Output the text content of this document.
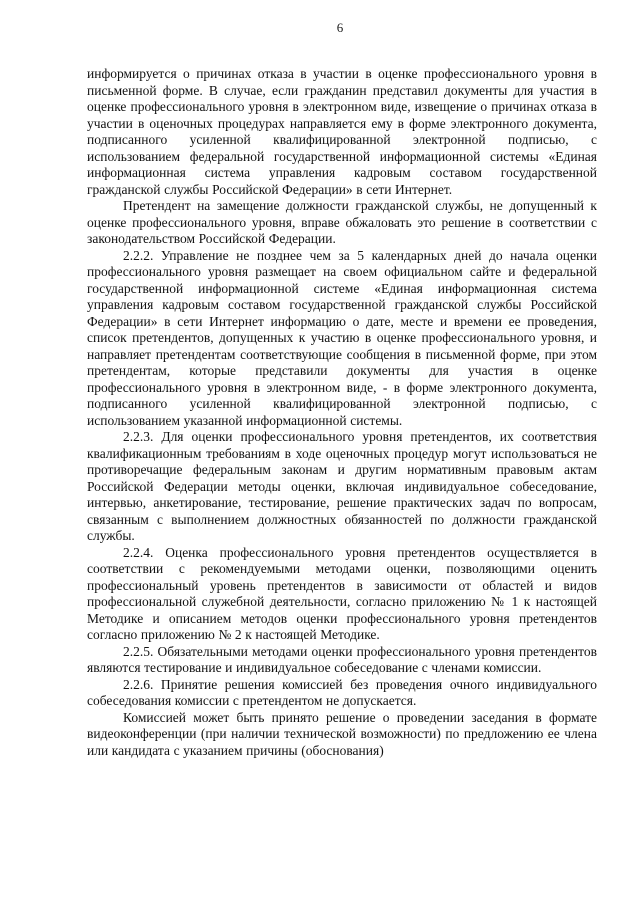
6

информируется о причинах отказа в участии в оценке профессионального уровня в письменной форме. В случае, если гражданин представил документы для участия в оценке профессионального уровня в электронном виде, извещение о причинах отказа в участии в оценочных процедурах направляется ему в форме электронного документа, подписанного усиленной квалифицированной электронной подписью, с использованием федеральной государственной информационной системы «Единая информационная система управления кадровым составом государственной гражданской службы Российской Федерации» в сети Интернет.

Претендент на замещение должности гражданской службы, не допущенный к оценке профессионального уровня, вправе обжаловать это решение в соответствии с законодательством Российской Федерации.

2.2.2. Управление не позднее чем за 5 календарных дней до начала оценки профессионального уровня размещает на своем официальном сайте и федеральной государственной информационной системе «Единая информационная система управления кадровым составом государственной гражданской службы Российской Федерации» в сети Интернет информацию о дате, месте и времени ее проведения, список претендентов, допущенных к участию в оценке профессионального уровня, и направляет претендентам соответствующие сообщения в письменной форме, при этом претендентам, которые представили документы для участия в оценке профессионального уровня в электронном виде, - в форме электронного документа, подписанного усиленной квалифицированной электронной подписью, с использованием указанной информационной системы.

2.2.3. Для оценки профессионального уровня претендентов, их соответствия квалификационным требованиям в ходе оценочных процедур могут использоваться не противоречащие федеральным законам и другим нормативным правовым актам Российской Федерации методы оценки, включая индивидуальное собеседование, интервью, анкетирование, тестирование, решение практических задач по вопросам, связанным с выполнением должностных обязанностей по должности гражданской службы.

2.2.4. Оценка профессионального уровня претендентов осуществляется в соответствии с рекомендуемыми методами оценки, позволяющими оценить профессиональный уровень претендентов в зависимости от областей и видов профессиональной служебной деятельности, согласно приложению № 1 к настоящей Методике и описанием методов оценки профессионального уровня претендентов согласно приложению № 2 к настоящей Методике.

2.2.5. Обязательными методами оценки профессионального уровня претендентов являются тестирование и индивидуальное собеседование с членами комиссии.

2.2.6. Принятие решения комиссией без проведения очного индивидуального собеседования комиссии с претендентом не допускается.

Комиссией может быть принято решение о проведении заседания в формате видеоконференции (при наличии технической возможности) по предложению ее члена или кандидата с указанием причины (обоснования)
